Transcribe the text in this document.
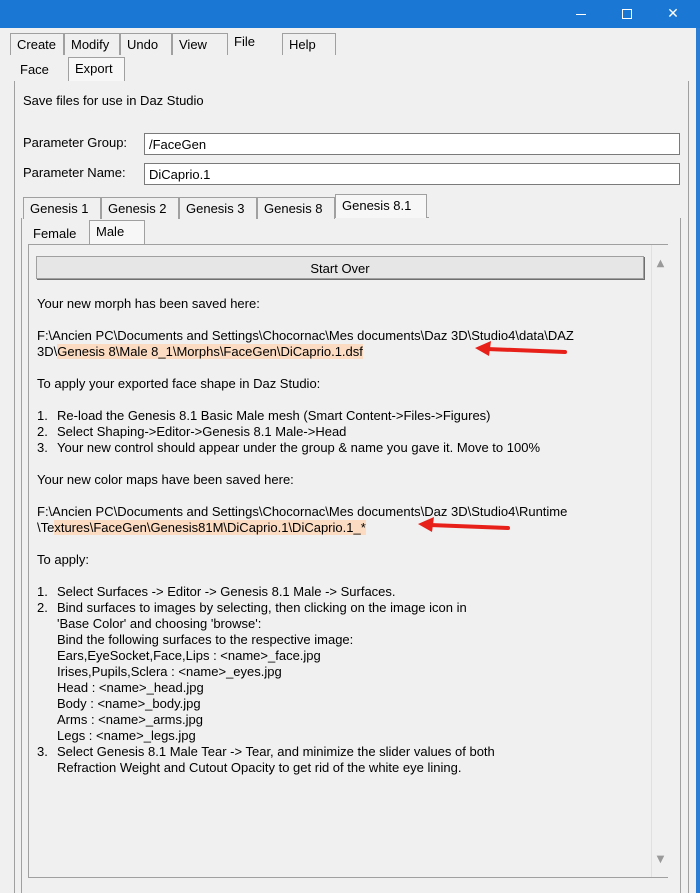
✕
Create	Modify	Undo	View	File	Help
Face	Export
Save files for use in Daz Studio
Parameter Group:
/FaceGen
Parameter Name:
DiCaprio.1
Genesis 1	Genesis 2	Genesis 3	Genesis 8	Genesis 8.1
Female	Male
Start Over
Your new morph has been saved here:
F:\Ancien PC\Documents and Settings\Chocornac\Mes documents\Daz 3D\Studio4\data\DAZ
3D\Genesis 8\Male 8_1\Morphs\FaceGen\DiCaprio.1.dsf
To apply your exported face shape in Daz Studio:
1. Re-load the Genesis 8.1 Basic Male mesh (Smart Content->Files->Figures)
2. Select Shaping->Editor->Genesis 8.1 Male->Head
3. Your new control should appear under the group & name you gave it. Move to 100%
Your new color maps have been saved here:
F:\Ancien PC\Documents and Settings\Chocornac\Mes documents\Daz 3D\Studio4\Runtime
\Textures\FaceGen\Genesis81M\DiCaprio.1\DiCaprio.1_*
To apply:
1. Select Surfaces -> Editor -> Genesis 8.1 Male -> Surfaces.
2. Bind surfaces to images by selecting, then clicking on the image icon in
'Base Color' and choosing 'browse':
Bind the following surfaces to the respective image:
Ears,EyeSocket,Face,Lips : <name>_face.jpg
Irises,Pupils,Sclera : <name>_eyes.jpg
Head : <name>_head.jpg
Body : <name>_body.jpg
Arms : <name>_arms.jpg
Legs : <name>_legs.jpg
3. Select Genesis 8.1 Male Tear -> Tear, and minimize the slider values of both
Refraction Weight and Cutout Opacity to get rid of the white eye lining.
▲
▼
